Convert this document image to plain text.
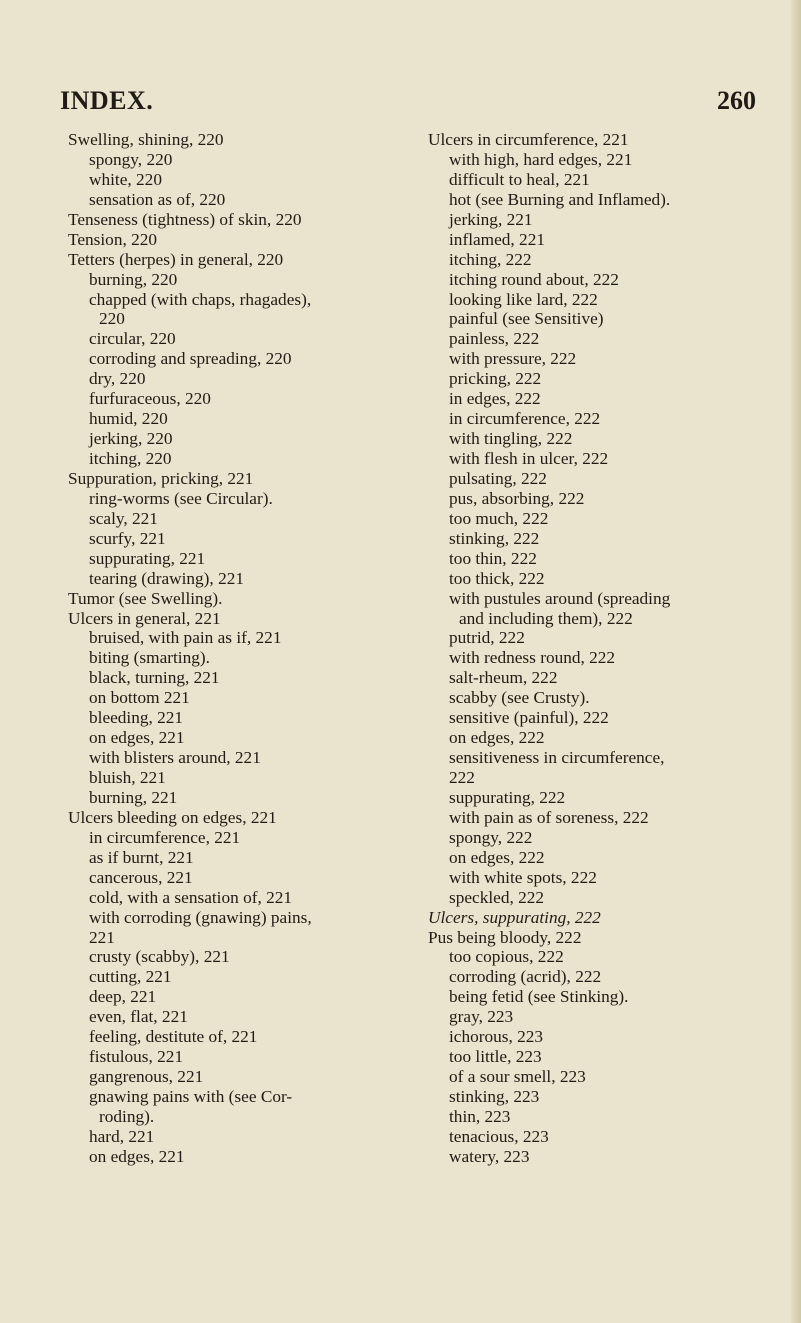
INDEX.	260
Swelling, shining, 220
spongy, 220
white, 220
sensation as of, 220
Tenseness (tightness) of skin, 220
Tension, 220
Tetters (herpes) in general, 220
burning, 220
chapped (with chaps, rhagades),
220
circular, 220
corroding and spreading, 220
dry, 220
furfuraceous, 220
humid, 220
jerking, 220
itching, 220
Suppuration, pricking, 221
ring-worms (see Circular).
scaly, 221
scurfy, 221
suppurating, 221
tearing (drawing), 221
Tumor (see Swelling).
Ulcers in general, 221
bruised, with pain as if, 221
biting (smarting).
black, turning, 221
on bottom 221
bleeding, 221
on edges, 221
with blisters around, 221
bluish, 221
burning, 221
Ulcers bleeding on edges, 221
in circumference, 221
as if burnt, 221
cancerous, 221
cold, with a sensation of, 221
with corroding (gnawing) pains,
221
crusty (scabby), 221
cutting, 221
deep, 221
even, flat, 221
feeling, destitute of, 221
fistulous, 221
gangrenous, 221
gnawing pains with (see Cor-
roding).
hard, 221
on edges, 221
Ulcers in circumference, 221
with high, hard edges, 221
difficult to heal, 221
hot (see Burning and Inflamed).
jerking, 221
inflamed, 221
itching, 222
itching round about, 222
looking like lard, 222
painful (see Sensitive)
painless, 222
with pressure, 222
pricking, 222
in edges, 222
in circumference, 222
with tingling, 222
with flesh in ulcer, 222
pulsating, 222
pus, absorbing, 222
too much, 222
stinking, 222
too thin, 222
too thick, 222
with pustules around (spreading
and including them), 222
putrid, 222
with redness round, 222
salt-rheum, 222
scabby (see Crusty).
sensitive (painful), 222
on edges, 222
sensitiveness in circumference,
222
suppurating, 222
with pain as of soreness, 222
spongy, 222
on edges, 222
with white spots, 222
speckled, 222
Ulcers, suppurating, 222
Pus being bloody, 222
too copious, 222
corroding (acrid), 222
being fetid (see Stinking).
gray, 223
ichorous, 223
too little, 223
of a sour smell, 223
stinking, 223
thin, 223
tenacious, 223
watery, 223
